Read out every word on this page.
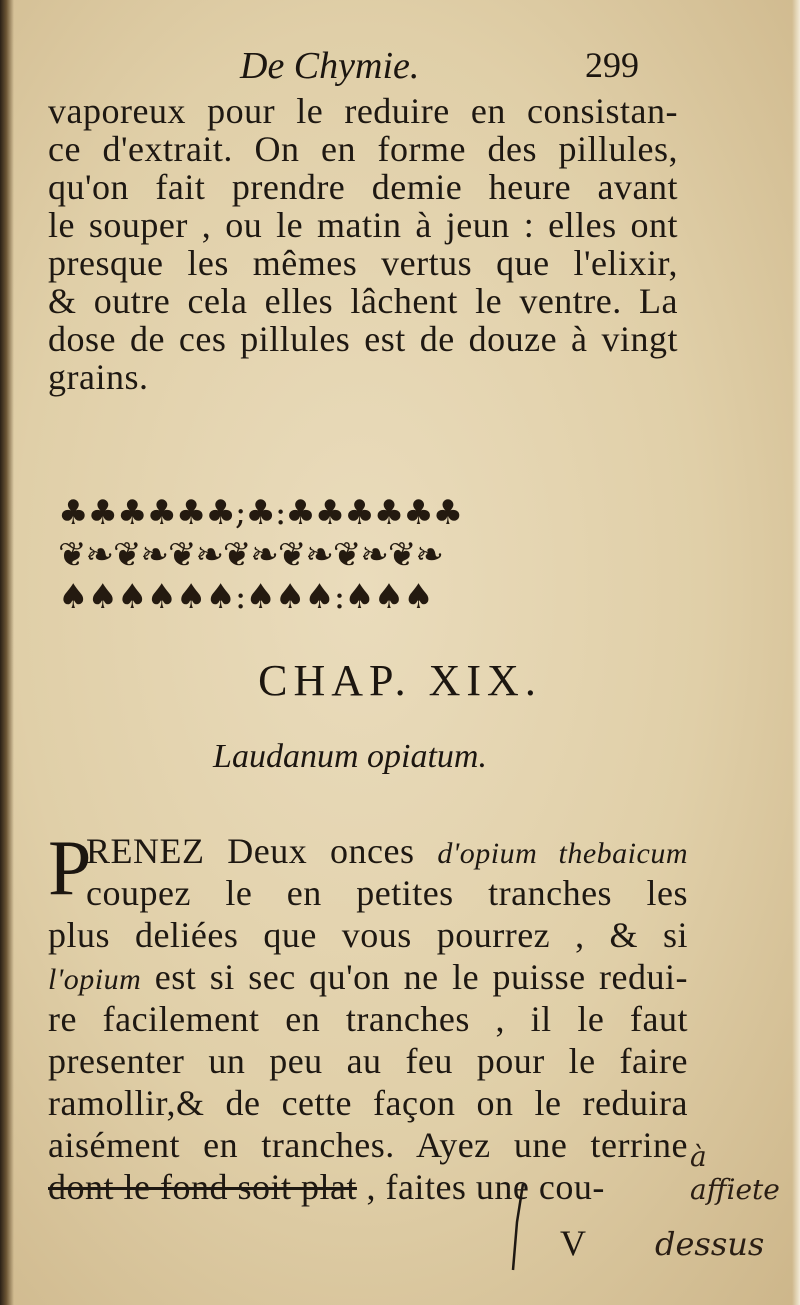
De Chymie.	299
vaporeux pour le reduire en consistan-
ce d'extrait. On en forme des pillules,
qu'on fait prendre demie heure avant
le souper , ou le matin à jeun : elles ont
presque les mêmes vertus que l'elixir,
& outre cela elles lâchent le ventre. La
dose de ces pillules est de douze à vingt
grains.
♣♣♣♣♣♣;♣:♣♣♣♣♣♣
❦❧❦❧❦❧❦❧❦❧❦❧❦❧
♠♠♠♠♠♠:♠♠♠:♠♠♠
CHAP. XIX.
Laudanum opiatum.
P
RENEZ Deux onces d'opium thebaicum
coupez le en petites tranches les
plus deliées que vous pourrez , & si
l'opium est si sec qu'on ne le puisse redui-
re facilement en tranches , il le faut
presenter un peu au feu pour le faire
ramollir,& de cette façon on le reduira
aisément en tranches. Ayez une terrine
dont le fond soit plat , faites une cou-
à affiete
dessus
V
